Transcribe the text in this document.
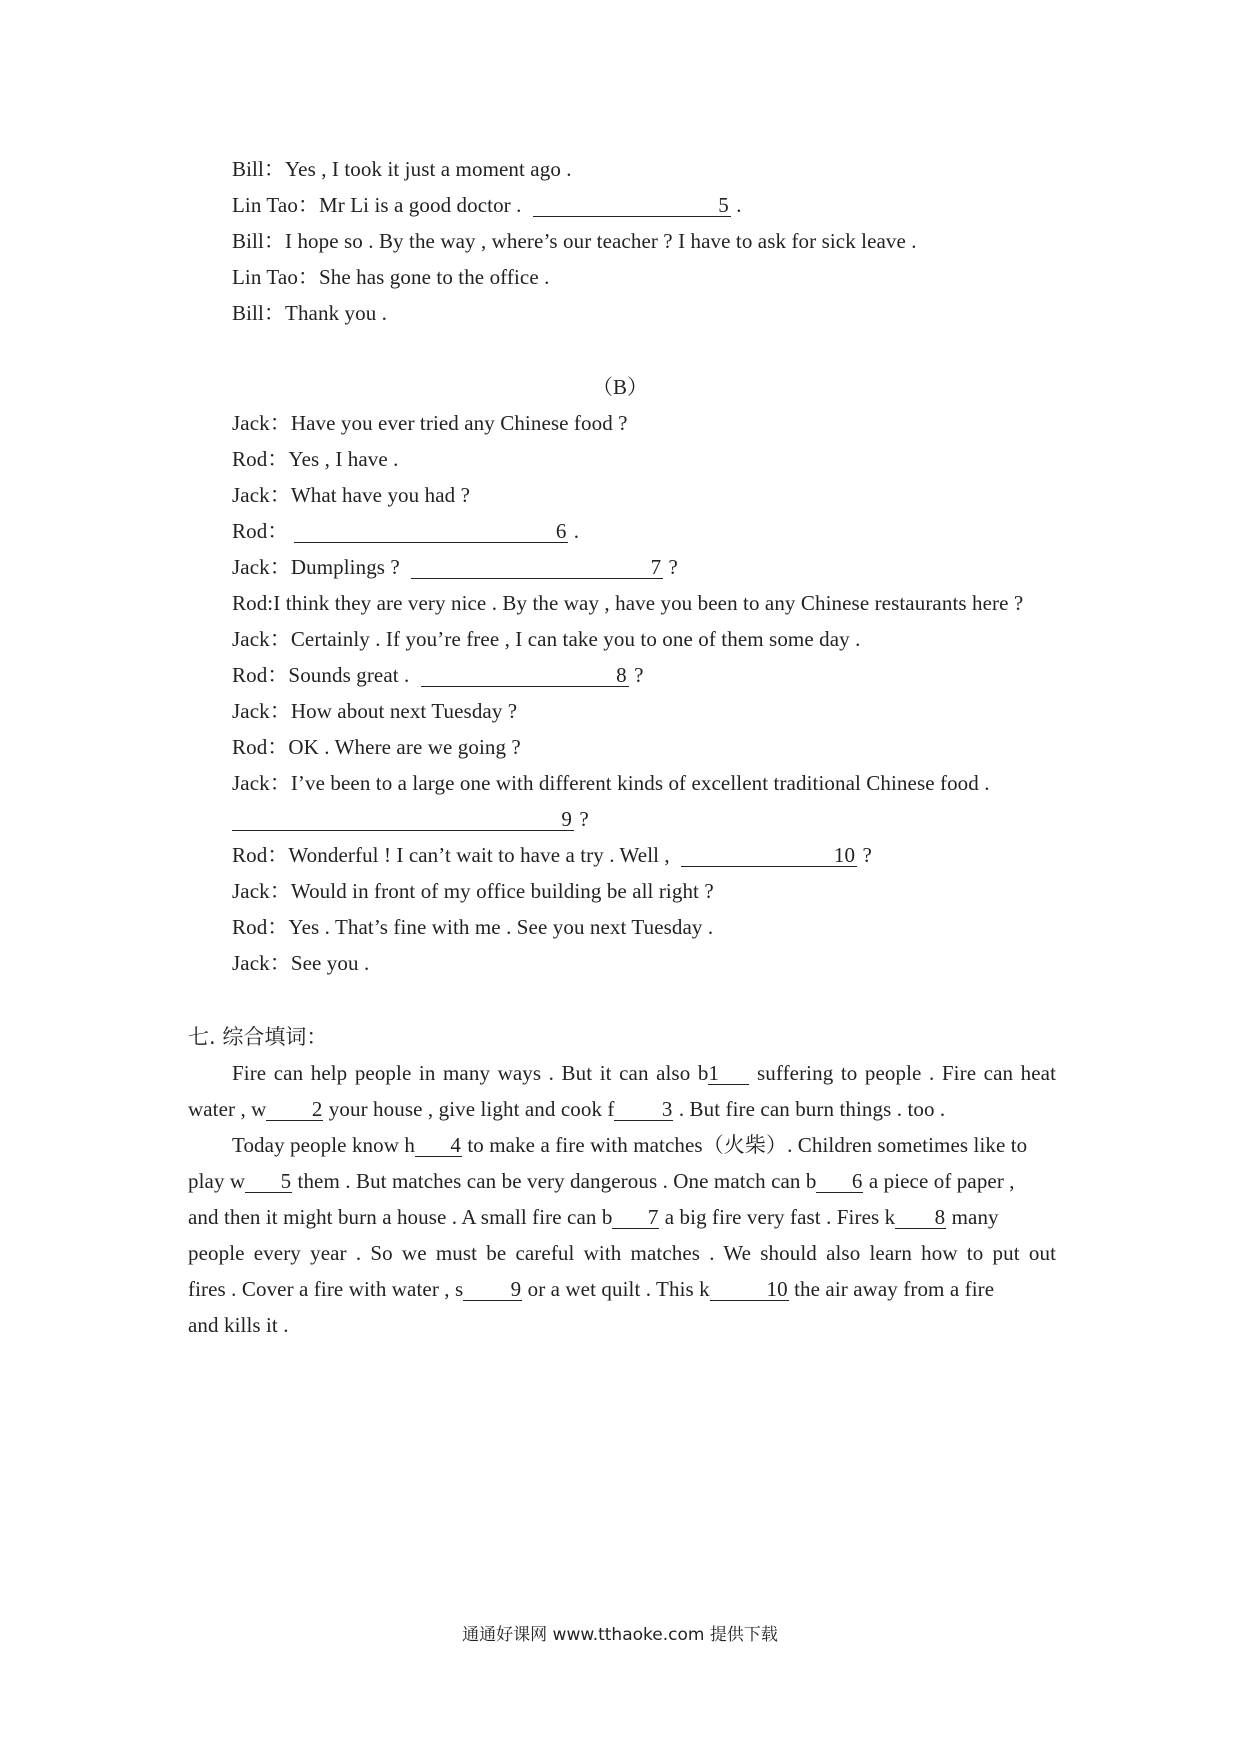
Bill：Yes , I took it just a moment ago .
Lin Tao：Mr Li is a good doctor .	5 .
Bill：I hope so . By the way , where’s our teacher ? I have to ask for sick leave .
Lin Tao：She has gone to the office .
Bill：Thank you .
（B）
Jack：Have you ever tried any Chinese food ?
Rod：Yes , I have .
Jack：What have you had ?
Rod：	6 .
Jack：Dumplings ?	7 ?
Rod:I think they are very nice . By the way , have you been to any Chinese restaurants here ?
Jack：Certainly . If you’re free , I can take you to one of them some day .
Rod：Sounds great .	8 ?
Jack：How about next Tuesday ?
Rod：OK . Where are we going ?
Jack：I’ve been to a large one with different kinds of excellent traditional Chinese food .
9 ?
Rod：Wonderful ! I can’t wait to have a try . Well ,	10 ?
Jack：Would in front of my office building be all right ?
Rod：Yes . That’s fine with me . See you next Tuesday .
Jack：See you .
七. 综合填词：
Fire can help people in many ways . But it can also b1 suffering to people . Fire can heat
water , w 2 your house , give light and cook f 3 . But fire can burn things . too .
Today people know h 4 to make a fire with matches（火柴）. Children sometimes like to
play w 5 them . But matches can be very dangerous . One match can b 6 a piece of paper ,
and then it might burn a house . A small fire can b 7 a big fire very fast . Fires k 8 many
people every year . So we must be careful with matches . We should also learn how to put out
fires . Cover a fire with water , s 9 or a wet quilt . This k	10 the air away from a fire
and kills it .
通通好课网 www.tthaoke.com 提供下载
